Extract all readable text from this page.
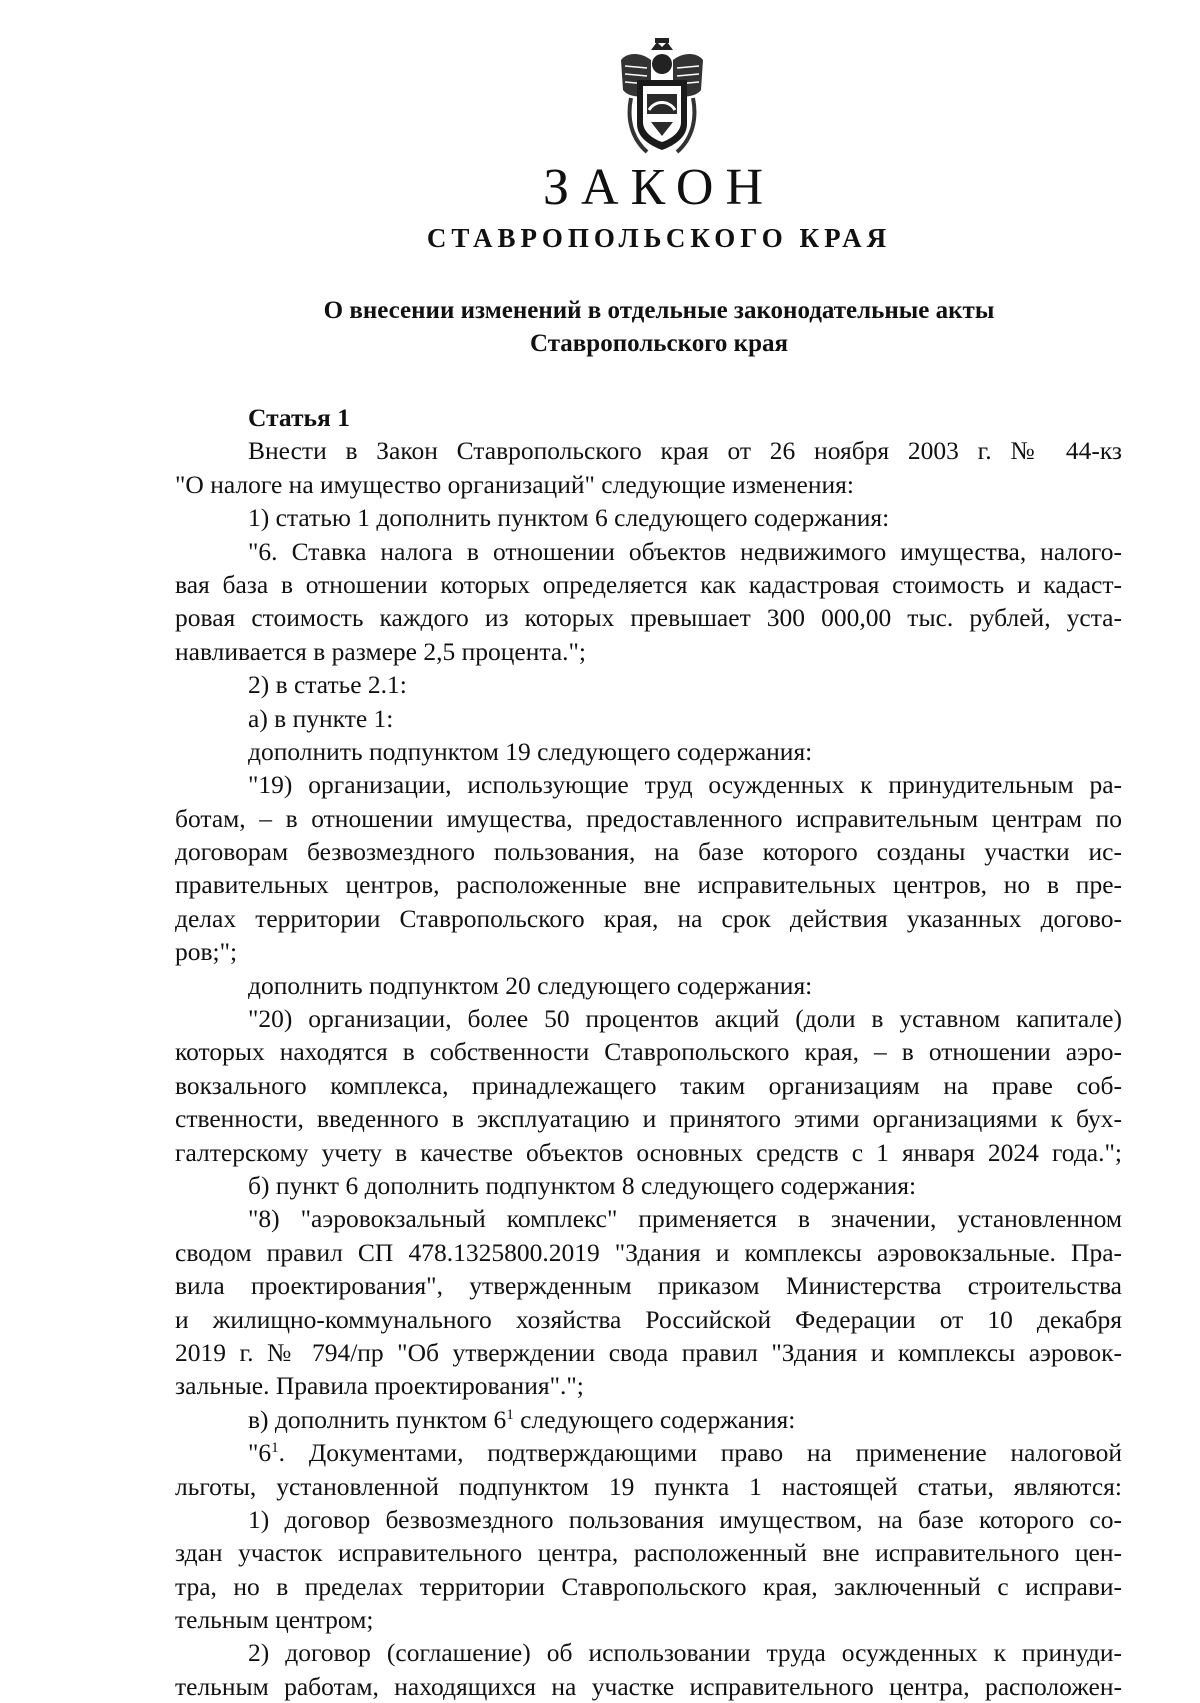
ЗАКОН
СТАВРОПОЛЬСКОГО КРАЯ
О внесении изменений в отдельные законодательные акты
Ставропольского края
Статья 1
Внести в Закон Ставропольского края от 26 ноября 2003 г. № 44-кз
"О налоге на имущество организаций" следующие изменения:
1) статью 1 дополнить пунктом 6 следующего содержания:
"6. Ставка налога в отношении объектов недвижимого имущества, налого-
вая база в отношении которых определяется как кадастровая стоимость и кадаст-
ровая стоимость каждого из которых превышает 300 000,00 тыс. рублей, уста-
навливается в размере 2,5 процента.";
2) в статье 2.1:
а) в пункте 1:
дополнить подпунктом 19 следующего содержания:
"19) организации, использующие труд осужденных к принудительным ра-
ботам, – в отношении имущества, предоставленного исправительным центрам по
договорам безвозмездного пользования, на базе которого созданы участки ис-
правительных центров, расположенные вне исправительных центров, но в пре-
делах территории Ставропольского края, на срок действия указанных догово-
ров;";
дополнить подпунктом 20 следующего содержания:
"20) организации, более 50 процентов акций (доли в уставном капитале)
которых находятся в собственности Ставропольского края, – в отношении аэро-
вокзального комплекса, принадлежащего таким организациям на праве соб-
ственности, введенного в эксплуатацию и принятого этими организациями к бух-
галтерскому учету в качестве объектов основных средств с 1 января 2024 года.";
б) пункт 6 дополнить подпунктом 8 следующего содержания:
"8) "аэровокзальный комплекс" применяется в значении, установленном
сводом правил СП 478.1325800.2019 "Здания и комплексы аэровокзальные. Пра-
вила проектирования", утвержденным приказом Министерства строительства
и жилищно-коммунального хозяйства Российской Федерации от 10 декабря
2019 г. № 794/пр "Об утверждении свода правил "Здания и комплексы аэровок-
зальные. Правила проектирования".";
в) дополнить пунктом $6^1$ следующего содержания:
"$6^1$. Документами, подтверждающими право на применение налоговой
льготы, установленной подпунктом 19 пункта 1 настоящей статьи, являются:
1) договор безвозмездного пользования имуществом, на базе которого со-
здан участок исправительного центра, расположенный вне исправительного цен-
тра, но в пределах территории Ставропольского края, заключенный с исправи-
тельным центром;
2) договор (соглашение) об использовании труда осужденных к принуди-
тельным работам, находящихся на участке исправительного центра, расположен-
